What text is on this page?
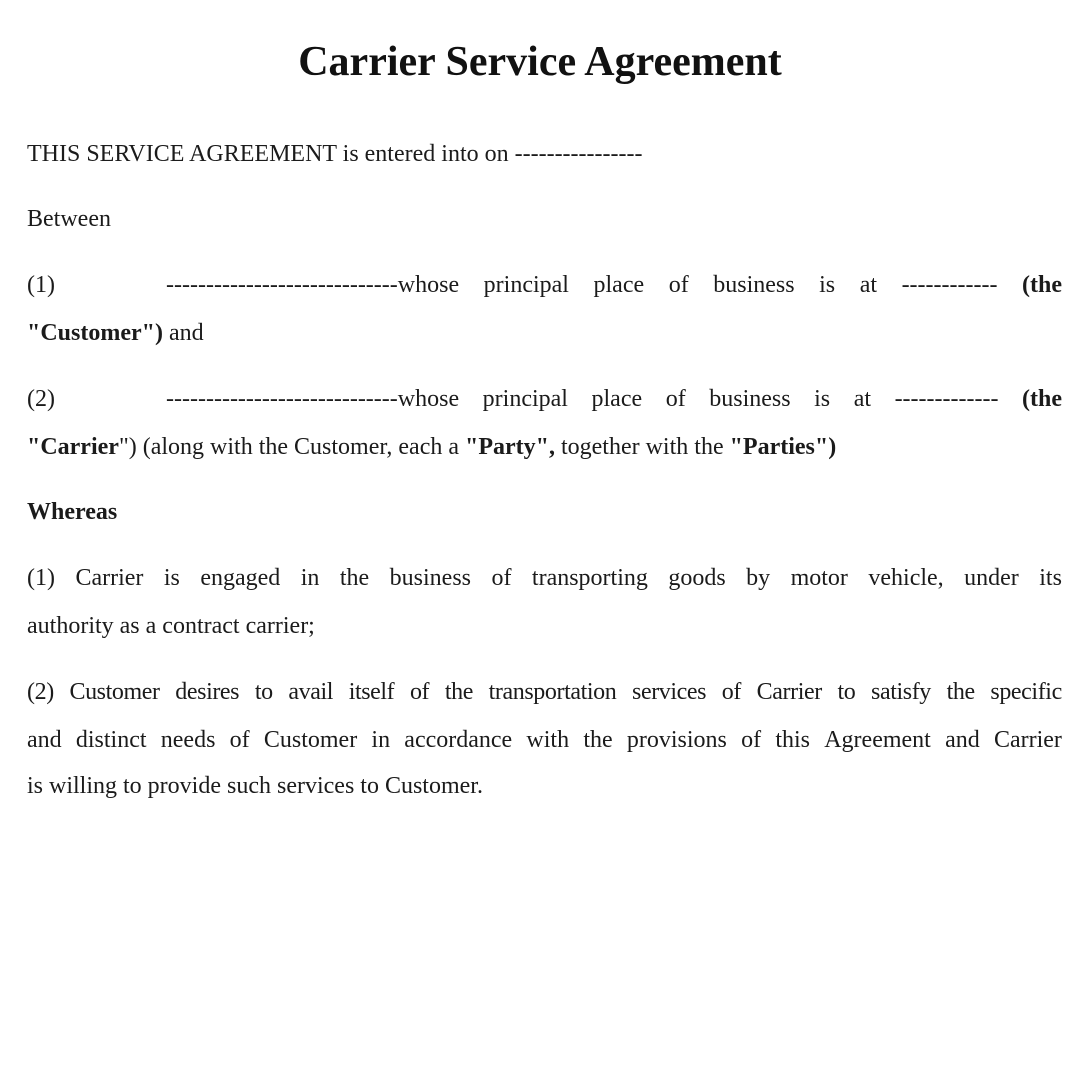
Carrier Service Agreement
THIS SERVICE AGREEMENT is entered into on ----------------
Between
(1)	-----------------------------whose principal place of business is at ------------ (the
"Customer") and
(2)	-----------------------------whose principal place of business is at ------------- (the
"Carrier") (along with the Customer, each a "Party", together with the "Parties")
Whereas
(1) Carrier is engaged in the business of transporting goods by motor vehicle, under its
authority as a contract carrier;
(2) Customer desires to avail itself of the transportation services of Carrier to satisfy the specific
and distinct needs of Customer in accordance with the provisions of this Agreement and Carrier
is willing to provide such services to Customer.
